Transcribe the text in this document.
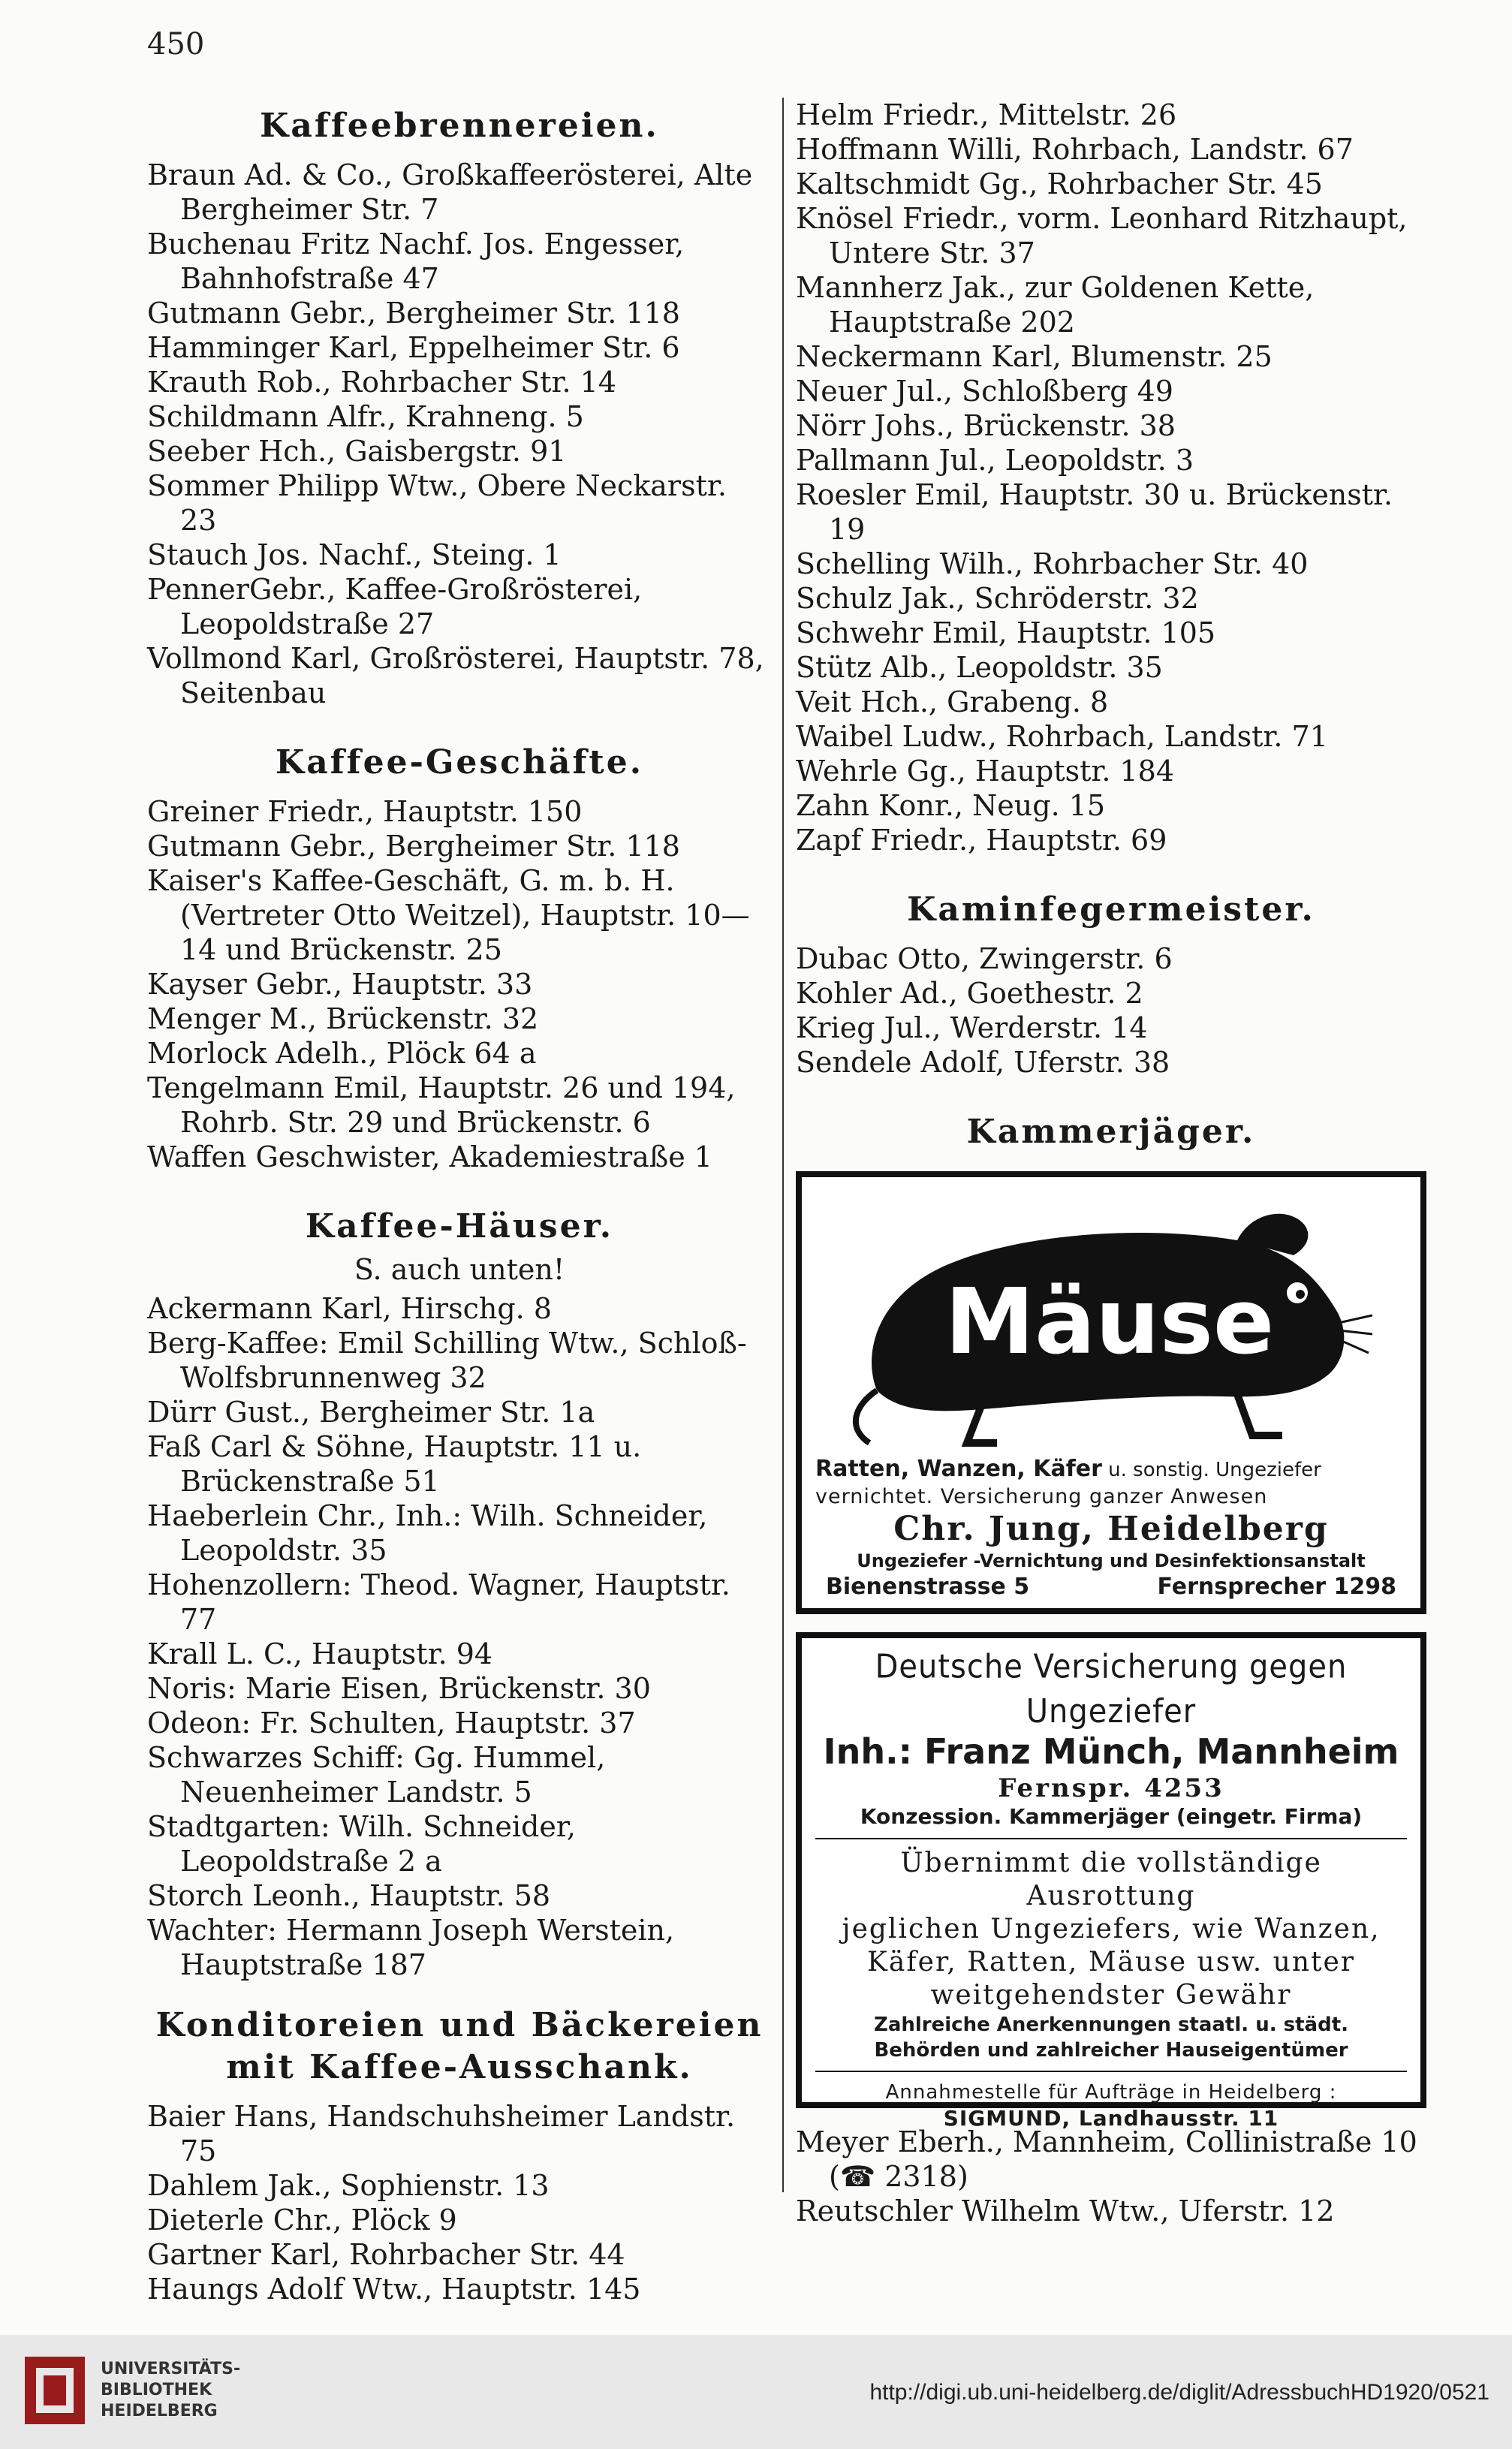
450
Kaffeebrennereien.
Braun Ad. & Co., Großkaffeerösterei, Alte Bergheimer Str. 7
Buchenau Fritz Nachf. Jos. Engesser, Bahnhofstraße 47
Gutmann Gebr., Bergheimer Str. 118
Hamminger Karl, Eppelheimer Str. 6
Krauth Rob., Rohrbacher Str. 14
Schildmann Alfr., Krahneng. 5
Seeber Hch., Gaisbergstr. 91
Sommer Philipp Wtw., Obere Neckarstr. 23
Stauch Jos. Nachf., Steing. 1
PennerGebr., Kaffee-Großrösterei, Leopoldstraße 27
Vollmond Karl, Großrösterei, Hauptstr. 78, Seitenbau
Kaffee-Geschäfte.
Greiner Friedr., Hauptstr. 150
Gutmann Gebr., Bergheimer Str. 118
Kaiser's Kaffee-Geschäft, G. m. b. H. (Vertreter Otto Weitzel), Hauptstr. 10—14 und Brückenstr. 25
Kayser Gebr., Hauptstr. 33
Menger M., Brückenstr. 32
Morlock Adelh., Plöck 64 a
Tengelmann Emil, Hauptstr. 26 und 194, Rohrb. Str. 29 und Brückenstr. 6
Waffen Geschwister, Akademiestraße 1
Kaffee-Häuser.
S. auch unten!
Ackermann Karl, Hirschg. 8
Berg-Kaffee: Emil Schilling Wtw., Schloß-Wolfsbrunnenweg 32
Dürr Gust., Bergheimer Str. 1a
Faß Carl & Söhne, Hauptstr. 11 u. Brückenstraße 51
Haeberlein Chr., Inh.: Wilh. Schneider, Leopoldstr. 35
Hohenzollern: Theod. Wagner, Hauptstr. 77
Krall L. C., Hauptstr. 94
Noris: Marie Eisen, Brückenstr. 30
Odeon: Fr. Schulten, Hauptstr. 37
Schwarzes Schiff: Gg. Hummel, Neuenheimer Landstr. 5
Stadtgarten: Wilh. Schneider, Leopoldstraße 2 a
Storch Leonh., Hauptstr. 58
Wachter: Hermann Joseph Werstein, Hauptstraße 187
Konditoreien und Bäckereien mit Kaffee-Ausschank.
Baier Hans, Handschuhsheimer Landstr. 75
Dahlem Jak., Sophienstr. 13
Dieterle Chr., Plöck 9
Gartner Karl, Rohrbacher Str. 44
Haungs Adolf Wtw., Hauptstr. 145
Helm Friedr., Mittelstr. 26
Hoffmann Willi, Rohrbach, Landstr. 67
Kaltschmidt Gg., Rohrbacher Str. 45
Knösel Friedr., vorm. Leonhard Ritzhaupt, Untere Str. 37
Mannherz Jak., zur Goldenen Kette, Hauptstraße 202
Neckermann Karl, Blumenstr. 25
Neuer Jul., Schloßberg 49
Nörr Johs., Brückenstr. 38
Pallmann Jul., Leopoldstr. 3
Roesler Emil, Hauptstr. 30 u. Brückenstr. 19
Schelling Wilh., Rohrbacher Str. 40
Schulz Jak., Schröderstr. 32
Schwehr Emil, Hauptstr. 105
Stütz Alb., Leopoldstr. 35
Veit Hch., Grabeng. 8
Waibel Ludw., Rohrbach, Landstr. 71
Wehrle Gg., Hauptstr. 184
Zahn Konr., Neug. 15
Zapf Friedr., Hauptstr. 69
Kaminfegermeister.
Dubac Otto, Zwingerstr. 6
Kohler Ad., Goethestr. 2
Krieg Jul., Werderstr. 14
Sendele Adolf, Uferstr. 38
Kammerjäger.
Mäuse
Ratten, Wanzen, Käfer u. sonstig. Ungeziefer
vernichtet. Versicherung ganzer Anwesen
Chr. Jung, Heidelberg
Ungeziefer -Vernichtung und Desinfektionsanstalt
Bienenstrasse 5	Fernsprecher 1298
Deutsche Versicherung gegen Ungeziefer
Inh.: Franz Münch, Mannheim
Fernspr. 4253
Konzession. Kammerjäger (eingetr. Firma)
Übernimmt die vollständige Ausrottung
jeglichen Ungeziefers, wie Wanzen,
Käfer, Ratten, Mäuse usw. unter
weitgehendster Gewähr
Zahlreiche Anerkennungen staatl. u. städt.
Behörden und zahlreicher Hauseigentümer
Annahmestelle für Aufträge in Heidelberg :
SIGMUND, Landhausstr. 11
Meyer Eberh., Mannheim, Collinistraße 10 (☎ 2318)
Reutschler Wilhelm Wtw., Uferstr. 12
UNIVERSITÄTS-
BIBLIOTHEK
HEIDELBERG
http://digi.ub.uni-heidelberg.de/diglit/AdressbuchHD1920/0521
